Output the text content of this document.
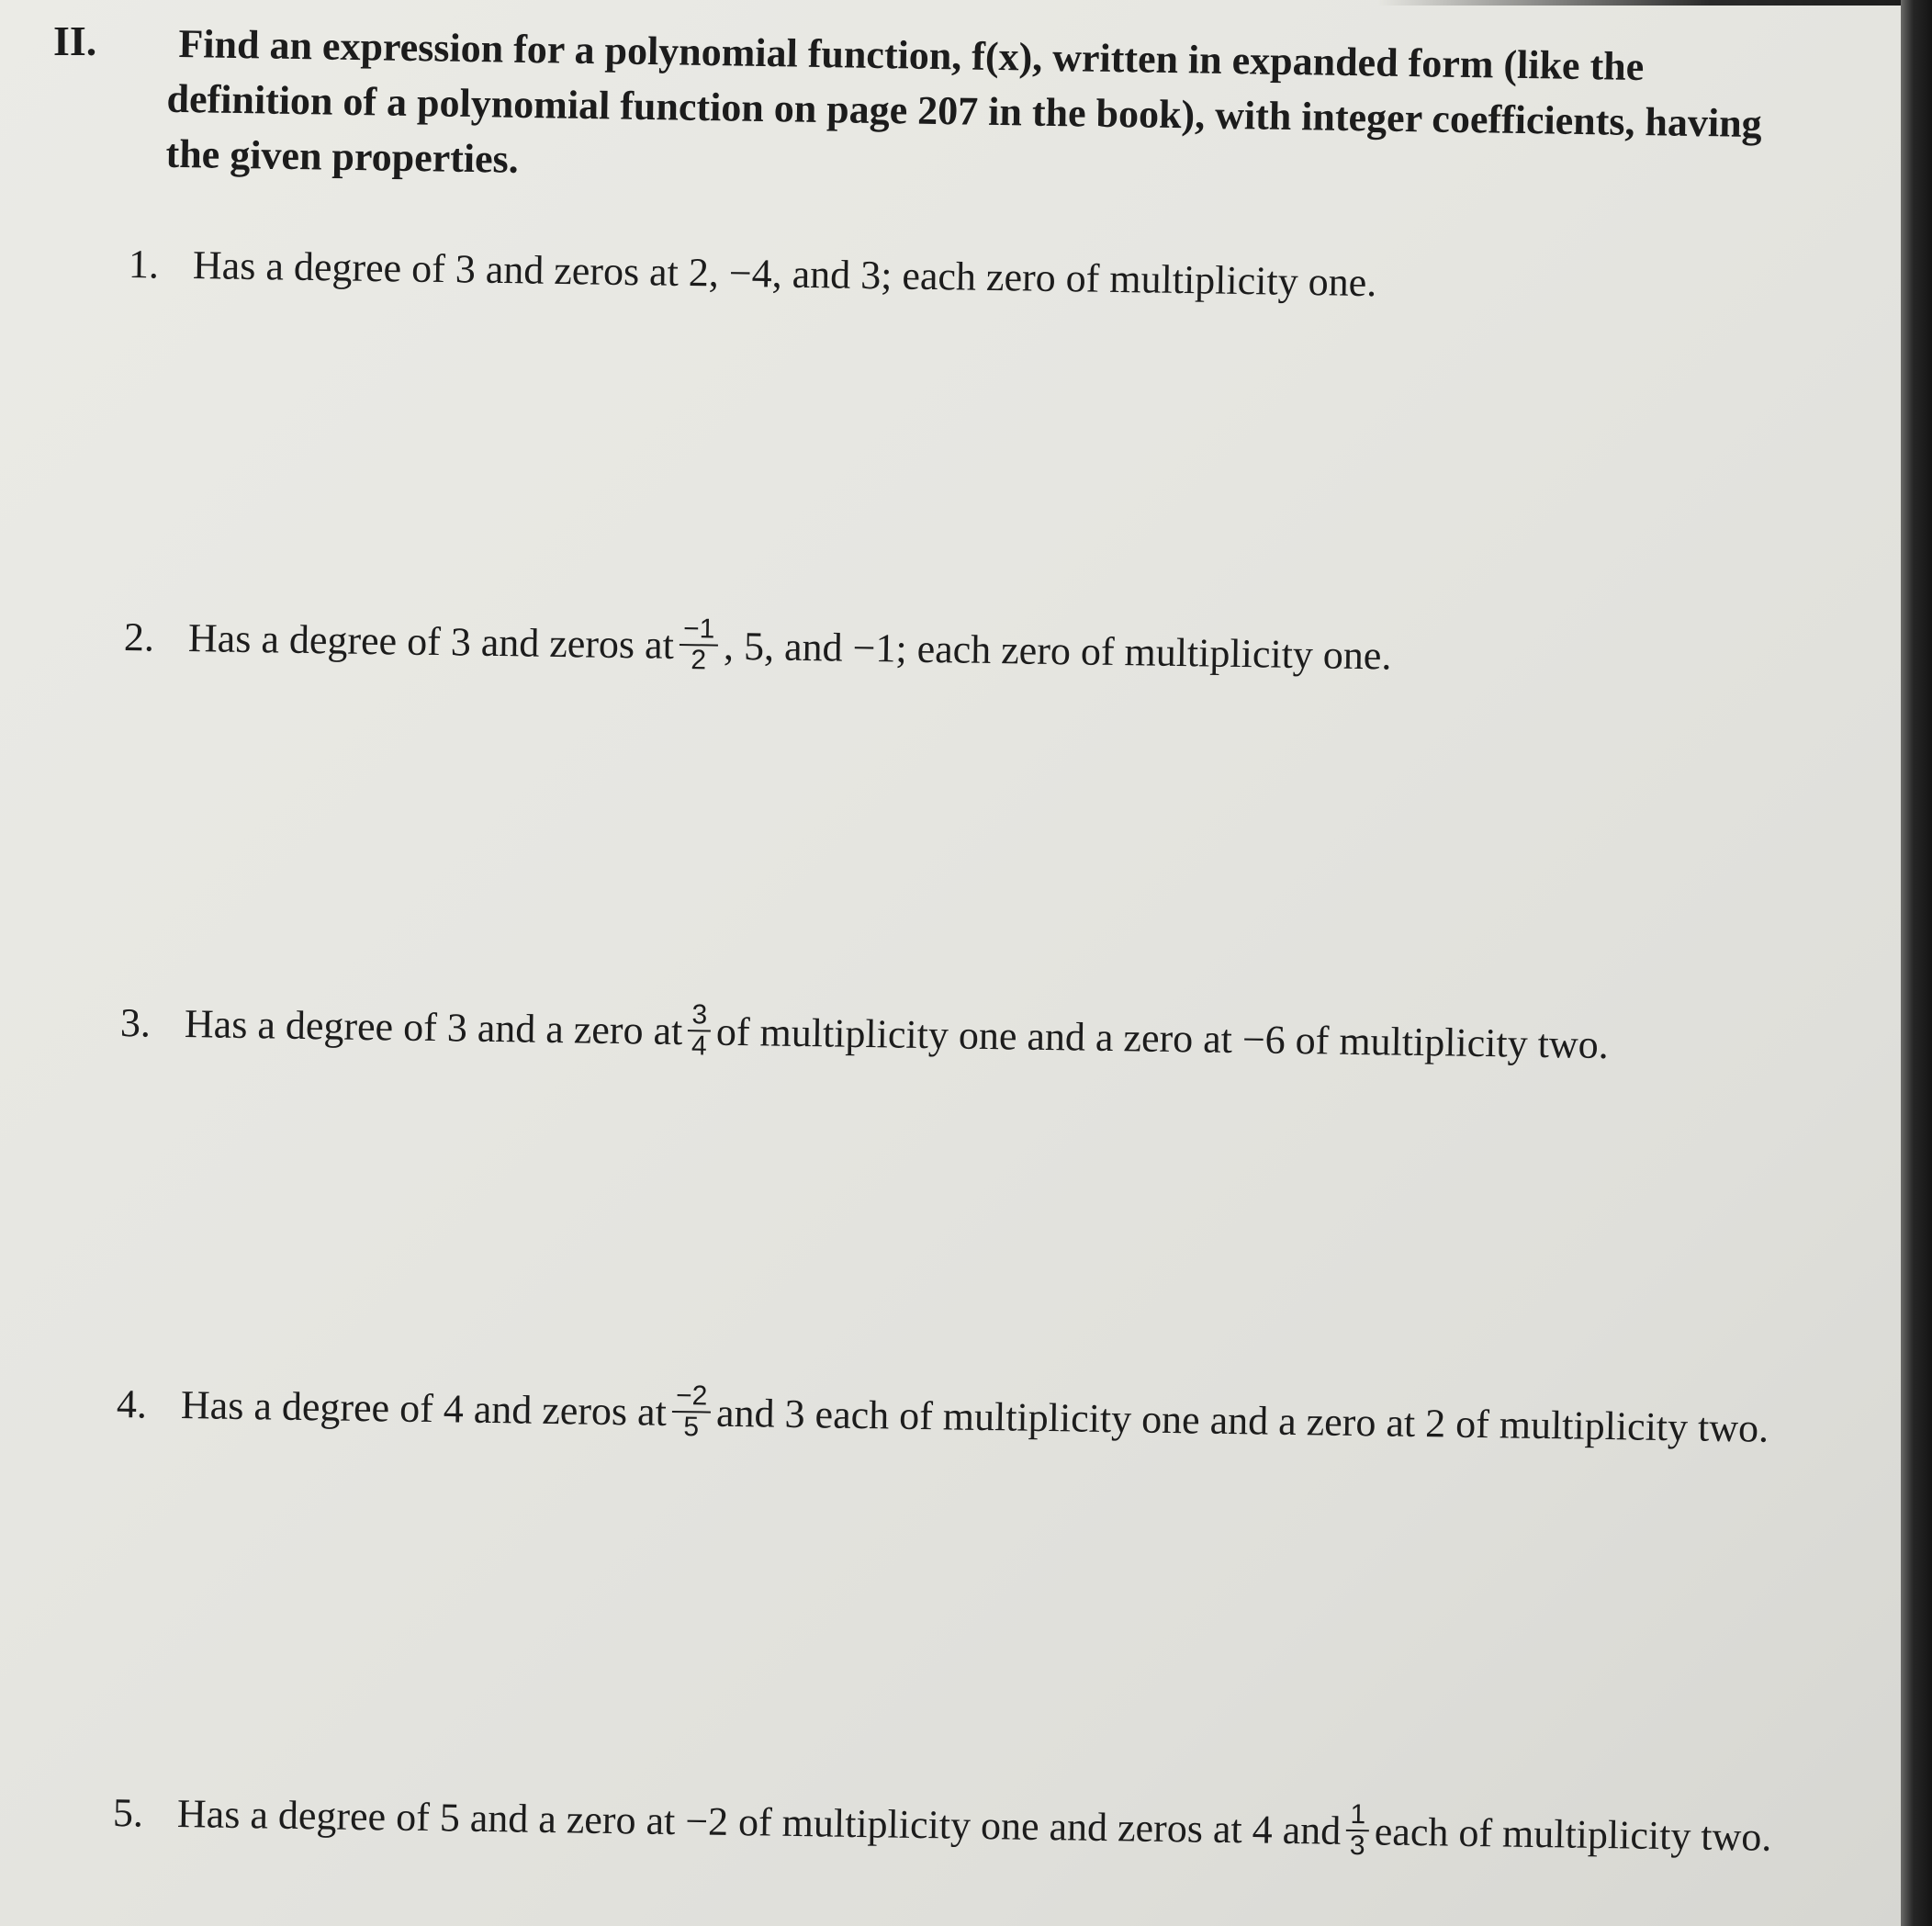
II. Find an expression for a polynomial function, f(x), written in expanded form (like the
definition of a polynomial function on page 207 in the book), with integer coefficients, having
the given properties.
1. Has a degree of 3 and zeros at 2, −4, and 3; each zero of multiplicity one.
2. Has a degree of 3 and zeros at $\frac{-1}{2}$ , 5, and −1; each zero of multiplicity one.
3. Has a degree of 3 and a zero at $\frac{3}{4}$ of multiplicity one and a zero at −6 of multiplicity two.
4. Has a degree of 4 and zeros at $\frac{-2}{5}$ and 3 each of multiplicity one and a zero at 2 of multiplicity two.
5. Has a degree of 5 and a zero at −2 of multiplicity one and zeros at 4 and $\frac{1}{3}$ each of multiplicity two.
